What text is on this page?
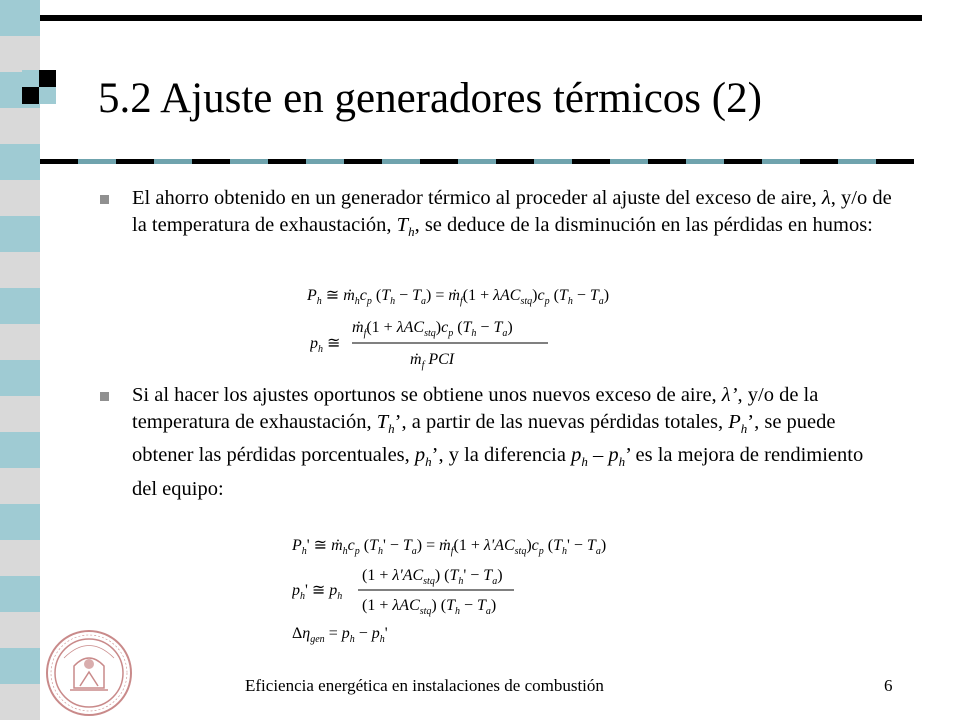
5.2 Ajuste en generadores térmicos (2)
El ahorro obtenido en un generador térmico al proceder al ajuste del exceso de aire, λ, y/o de la temperatura de exhaustación, $T_h$, se deduce de la disminución en las pérdidas en humos:
$P_h$ ≅ $ṁ_hc_p$ $(T_h - T_a)$ = ṁ$_f$(1 + $\lambda AC_{stq})c_p$ $(T_h - T_a)$
$p_h$ ≅
ṁ$_f$(1 + $\lambda AC_{stq})c_p$ $(T_h - T_a)$
ṁ$_f$ PCI
Si al hacer los ajustes oportunos se obtiene unos nuevos exceso de aire, λ’, y/o de la temperatura de exhaustación, $T_h$’, a partir de las nuevas pérdidas totales, $P_h$’, se puede obtener las pérdidas porcentuales, $p_h$’, y la diferencia $p_h - p_h$’ es la mejora de rendimiento del equipo:
$P_h'$ ≅ $ṁ_hc_p$ $(T_h' - T_a)$ = ṁ$_f$(1 + $\lambda'AC_{stq})c_p$ $(T_h' - T_a)$
$p_h'$ ≅ $p_h$
$(1 + \lambda'AC_{stq})$ $(T_h' - T_a)$
(1 + λAC$_{stq}$) $(T_h - T_a)$
$\Delta\eta_{gen} = p_h - p_h'$
Eficiencia energética en instalaciones de combustión	6
